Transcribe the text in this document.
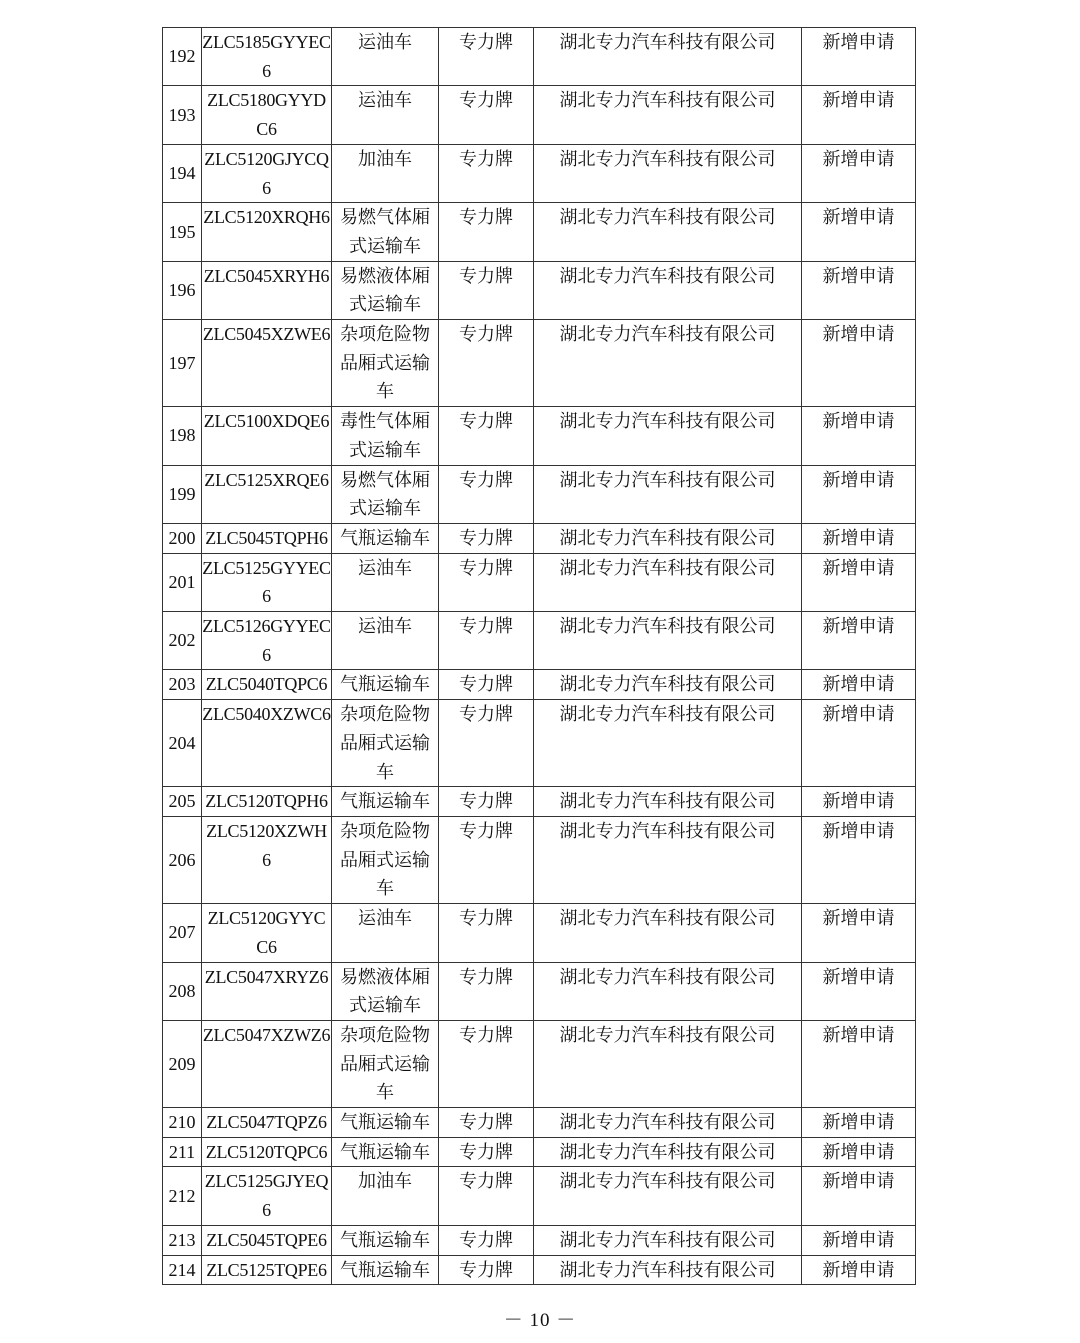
192	ZLC5185GYYEC6	运油车	专力牌	湖北专力汽车科技有限公司	新增申请
193	ZLC5180GYYDC6	运油车	专力牌	湖北专力汽车科技有限公司	新增申请
194	ZLC5120GJYCQ6	加油车	专力牌	湖北专力汽车科技有限公司	新增申请
195	ZLC5120XRQH6	易燃气体厢式运输车	专力牌	湖北专力汽车科技有限公司	新增申请
196	ZLC5045XRYH6	易燃液体厢式运输车	专力牌	湖北专力汽车科技有限公司	新增申请
197	ZLC5045XZWE6	杂项危险物品厢式运输车	专力牌	湖北专力汽车科技有限公司	新增申请
198	ZLC5100XDQE6	毒性气体厢式运输车	专力牌	湖北专力汽车科技有限公司	新增申请
199	ZLC5125XRQE6	易燃气体厢式运输车	专力牌	湖北专力汽车科技有限公司	新增申请
200	ZLC5045TQPH6	气瓶运输车	专力牌	湖北专力汽车科技有限公司	新增申请
201	ZLC5125GYYEC6	运油车	专力牌	湖北专力汽车科技有限公司	新增申请
202	ZLC5126GYYEC6	运油车	专力牌	湖北专力汽车科技有限公司	新增申请
203	ZLC5040TQPC6	气瓶运输车	专力牌	湖北专力汽车科技有限公司	新增申请
204	ZLC5040XZWC6	杂项危险物品厢式运输车	专力牌	湖北专力汽车科技有限公司	新增申请
205	ZLC5120TQPH6	气瓶运输车	专力牌	湖北专力汽车科技有限公司	新增申请
206	ZLC5120XZWH6	杂项危险物品厢式运输车	专力牌	湖北专力汽车科技有限公司	新增申请
207	ZLC5120GYYCC6	运油车	专力牌	湖北专力汽车科技有限公司	新增申请
208	ZLC5047XRYZ6	易燃液体厢式运输车	专力牌	湖北专力汽车科技有限公司	新增申请
209	ZLC5047XZWZ6	杂项危险物品厢式运输车	专力牌	湖北专力汽车科技有限公司	新增申请
210	ZLC5047TQPZ6	气瓶运输车	专力牌	湖北专力汽车科技有限公司	新增申请
211	ZLC5120TQPC6	气瓶运输车	专力牌	湖北专力汽车科技有限公司	新增申请
212	ZLC5125GJYEQ6	加油车	专力牌	湖北专力汽车科技有限公司	新增申请
213	ZLC5045TQPE6	气瓶运输车	专力牌	湖北专力汽车科技有限公司	新增申请
214	ZLC5125TQPE6	气瓶运输车	专力牌	湖北专力汽车科技有限公司	新增申请
－ 10 －
